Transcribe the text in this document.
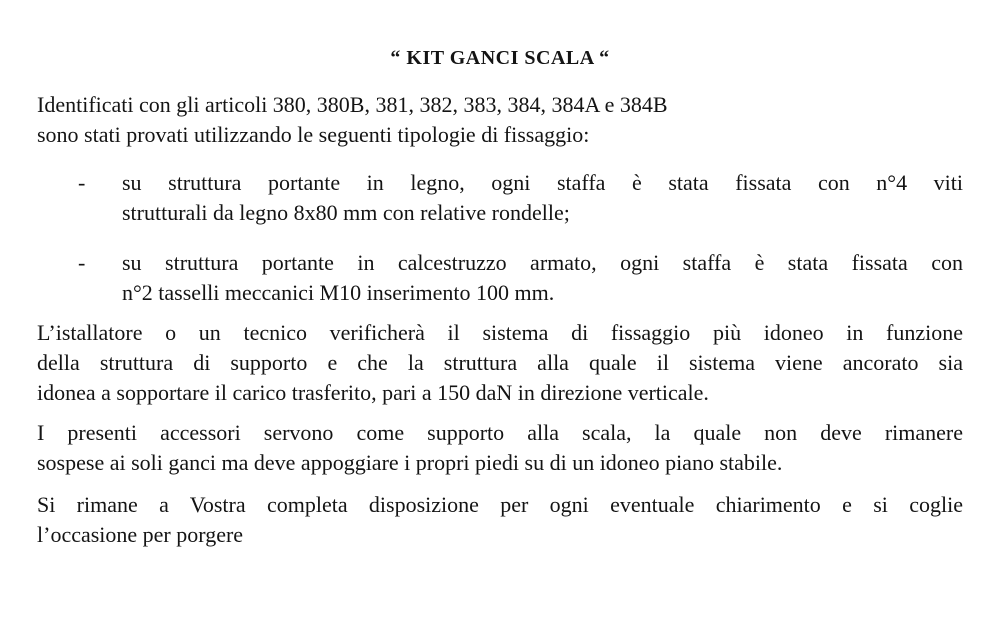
“ KIT GANCI SCALA “
Identificati con gli articoli 380, 380B, 381, 382, 383, 384, 384A e 384B
sono stati provati utilizzando le seguenti tipologie di fissaggio:
-	su struttura portante in legno, ogni staffa è stata fissata con n°4 viti
strutturali da legno 8x80 mm con relative rondelle;
-	su struttura portante in calcestruzzo armato, ogni staffa è stata fissata con
n°2 tasselli meccanici M10 inserimento 100 mm.
L’istallatore o un tecnico verificherà il sistema di fissaggio più idoneo in funzione
della struttura di supporto e che la struttura alla quale il sistema viene ancorato sia
idonea a sopportare il carico trasferito, pari a 150 daN in direzione verticale.
I presenti accessori servono come supporto alla scala, la quale non deve rimanere
sospese ai soli ganci ma deve appoggiare i propri piedi su di un idoneo piano stabile.
Si rimane a Vostra completa disposizione per ogni eventuale chiarimento e si coglie
l’occasione per porgere
